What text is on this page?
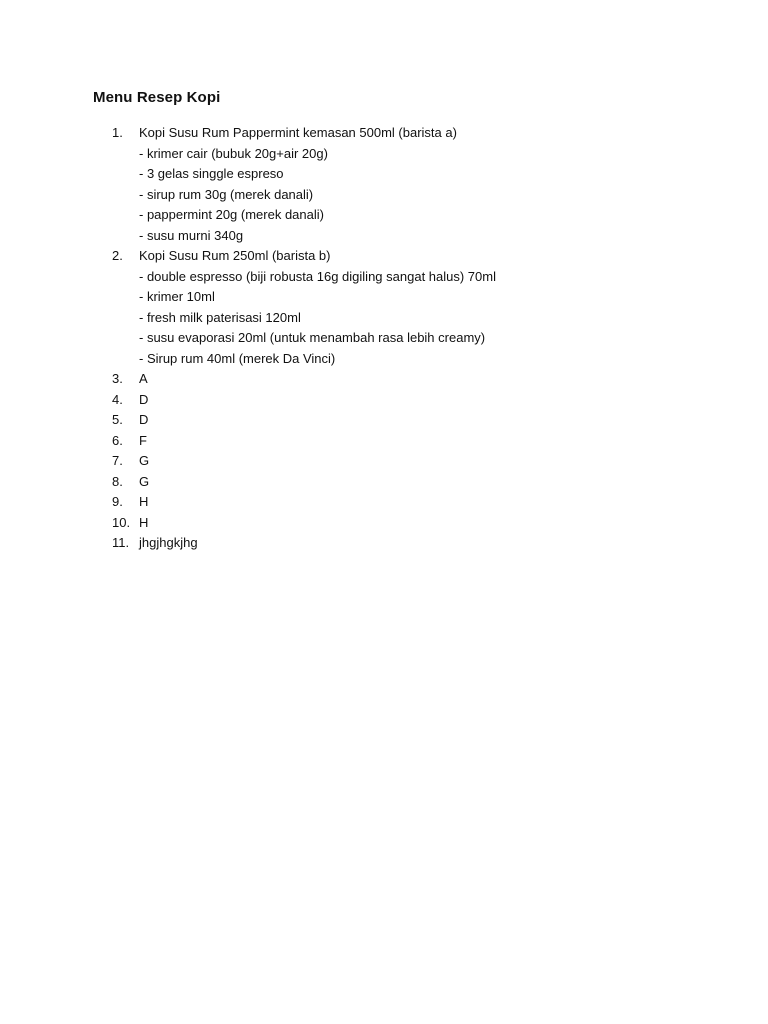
Menu Resep Kopi
1.	Kopi Susu Rum Pappermint kemasan 500ml (barista a)
- krimer cair (bubuk 20g+air 20g)
- 3 gelas singgle espreso
- sirup rum 30g (merek danali)
- pappermint 20g (merek danali)
- susu murni 340g
2.	Kopi Susu Rum 250ml (barista b)
- double espresso (biji robusta 16g digiling sangat halus) 70ml
- krimer 10ml
- fresh milk paterisasi 120ml
- susu evaporasi 20ml (untuk menambah rasa lebih creamy)
- Sirup rum 40ml (merek Da Vinci)
3.	A
4.	D
5.	D
6.	F
7.	G
8.	G
9.	H
10. H
11. jhgjhgkjhg
